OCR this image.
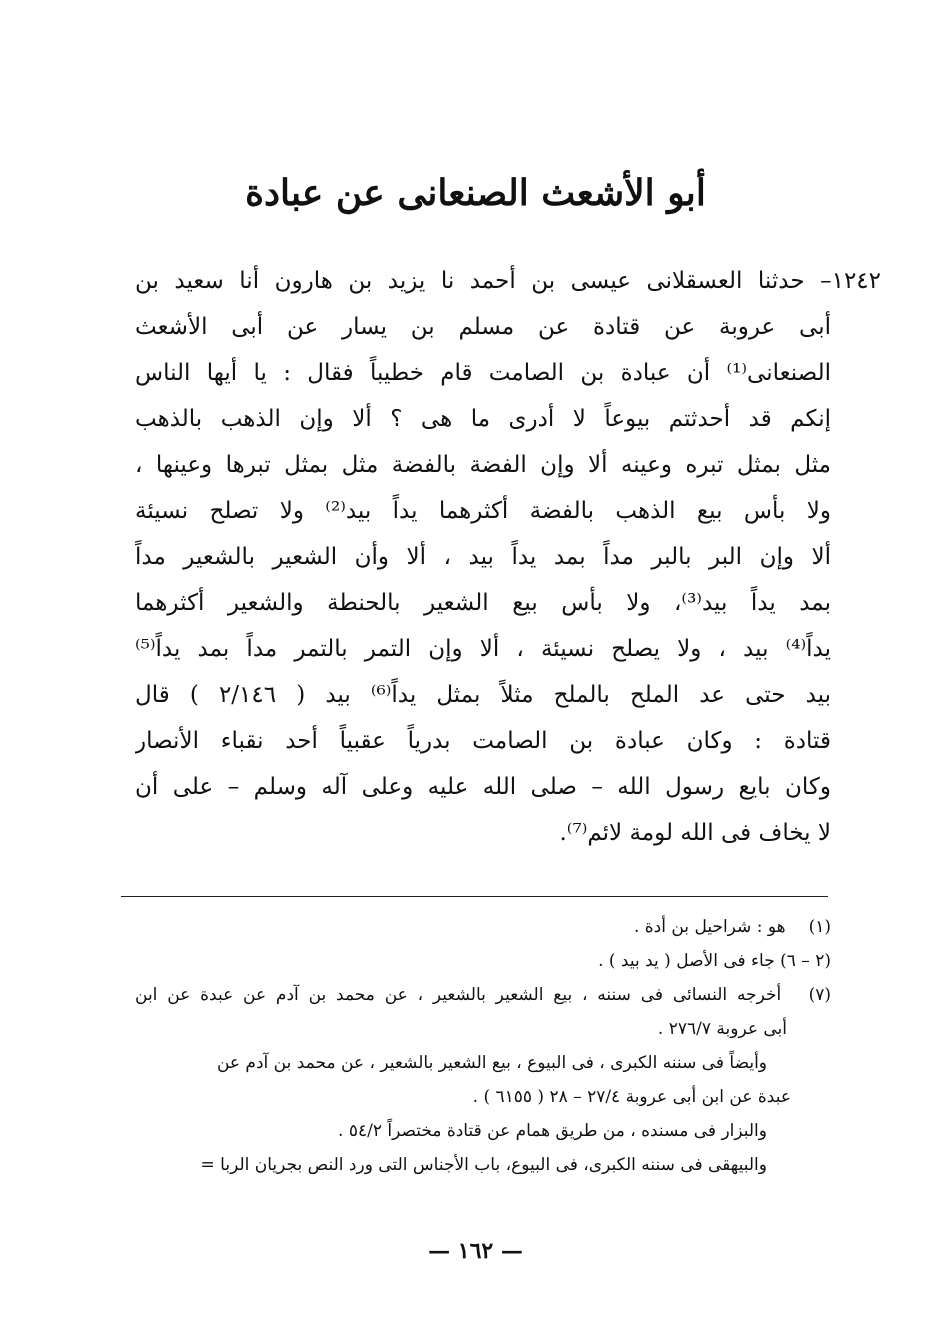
أبو الأشعث الصنعانى عن عبادة
١٢٤٢– حدثنا العسقلانى عيسى بن أحمد نا يزيد بن هارون أنا سعيد بن
أبى عروبة عن قتادة عن مسلم بن يسار عن أبى الأشعث
الصنعانى⁽¹⁾ أن عبادة بن الصامت قام خطيباً فقال : يا أيها الناس
إنكم قد أحدثتم بيوعاً لا أدرى ما هى ؟ ألا وإن الذهب بالذهب
مثل بمثل تبره وعينه ألا وإن الفضة بالفضة مثل بمثل تبرها وعينها ،
ولا بأس بيع الذهب بالفضة أكثرهما يداً بيد⁽²⁾ ولا تصلح نسيئة
ألا وإن البر بالبر مداً بمد يداً بيد ، ألا وأن الشعير بالشعير مداً
بمد يداً بيد⁽³⁾، ولا بأس بيع الشعير بالحنطة والشعير أكثرهما
يداً⁽⁴⁾ بيد ، ولا يصلح نسيئة ، ألا وإن التمر بالتمر مداً بمد يداً⁽⁵⁾
بيد حتى عد الملح بالملح مثلاً بمثل يداً⁽⁶⁾ بيد ( ٢/١٤٦ ) قال
قتادة : وكان عبادة بن الصامت بدرياً عقبياً أحد نقباء الأنصار
وكان بايع رسول الله – صلى الله عليه وعلى آله وسلم – على أن
لا يخاف فى الله لومة لائم⁽⁷⁾.
(١) هو : شراحيل بن أدة .
(٢ – ٦) جاء فى الأصل ( يد بيد ) .
(٧) أخرجه النسائى فى سننه ، بيع الشعير بالشعير ، عن محمد بن آدم عن عبدة عن ابن
أبى عروبة ٢٧٦/٧ .
وأيضاً فى سننه الكبرى ، فى البيوع ، بيع الشعير بالشعير ، عن محمد بن آدم عن
عبدة عن ابن أبى عروبة ٢٧/٤ – ٢٨ ( ٦١٥٥ ) .
والبزار فى مسنده ، من طريق همام عن قتادة مختصراً ٥٤/٢ .
والبيهقى فى سننه الكبرى، فى البيوع، باب الأجناس التى ورد النص بجريان الربا =
— ١٦٢ —
